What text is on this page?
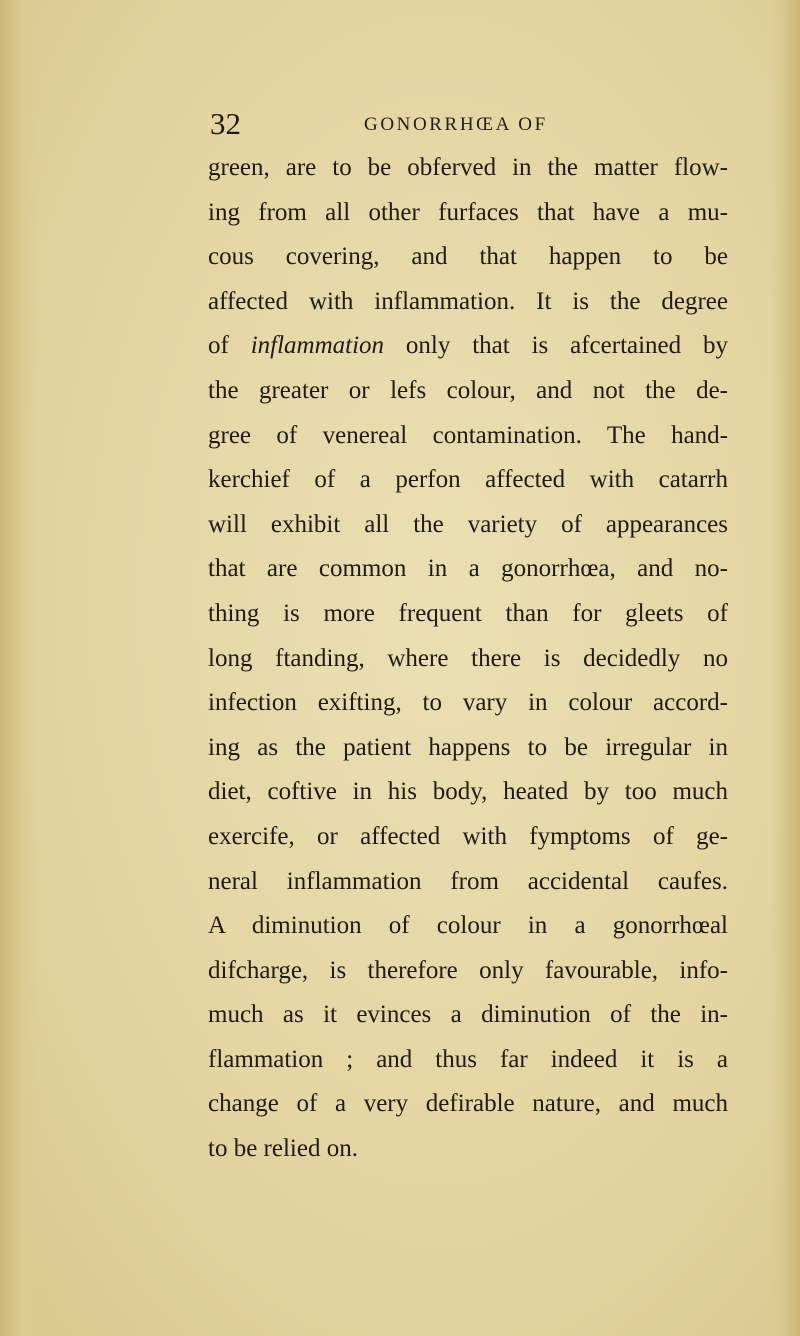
32	GONORRHŒA OF
green, are to be obferved in the matter flow-
ing from all other furfaces that have a mu-
cous covering, and that happen to be
affected with inflammation. It is the degree
of inflammation only that is afcertained by
the greater or lefs colour, and not the de-
gree of venereal contamination. The hand-
kerchief of a perfon affected with catarrh
will exhibit all the variety of appearances
that are common in a gonorrhœa, and no-
thing is more frequent than for gleets of
long ftanding, where there is decidedly no
infection exifting, to vary in colour accord-
ing as the patient happens to be irregular in
diet, coftive in his body, heated by too much
exercife, or affected with fymptoms of ge-
neral inflammation from accidental caufes.
A diminution of colour in a gonorrhœal
difcharge, is therefore only favourable, info-
much as it evinces a diminution of the in-
flammation ; and thus far indeed it is a
change of a very defirable nature, and much
to be relied on.
